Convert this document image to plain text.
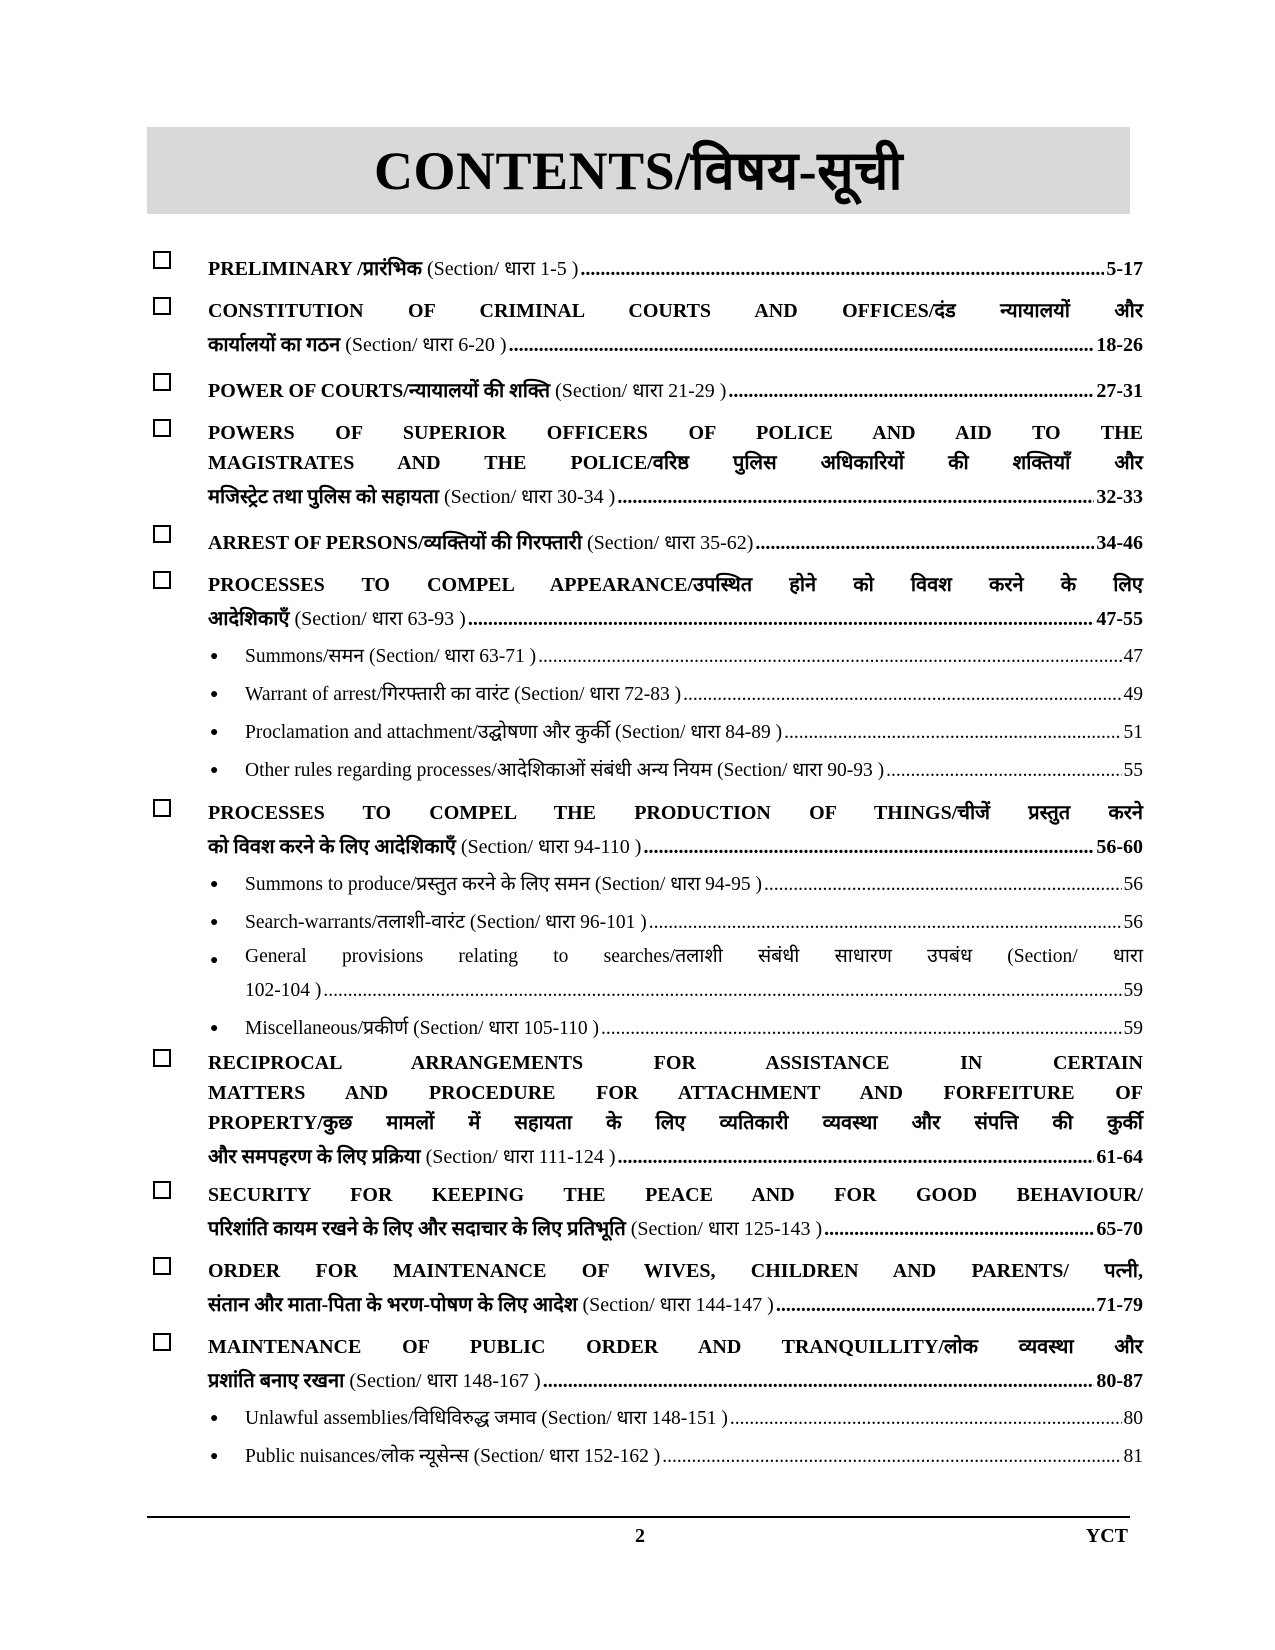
CONTENTS/विषय-सूची
PRELIMINARY /प्रारंभिक (Section/ धारा 1-5 ) .....	5-17
CONSTITUTION OF CRIMINAL COURTS AND OFFICES/दंड न्यायालयों और
कार्यालयों का गठन (Section/ धारा 6-20 ) .....	18-26
POWER OF COURTS/न्यायालयों की शक्ति (Section/ धारा 21-29 ) .....	27-31
POWERS OF SUPERIOR OFFICERS OF POLICE AND AID TO THE
MAGISTRATES AND THE POLICE/वरिष्ठ पुलिस अधिकारियों की शक्तियाँ और
मजिस्ट्रेट तथा पुलिस को सहायता (Section/ धारा 30-34 ) .....	32-33
ARREST OF PERSONS/व्यक्तियों की गिरफ्तारी (Section/ धारा 35-62) .....	34-46
PROCESSES TO COMPEL APPEARANCE/उपस्थित होने को विवश करने के लिए
आदेशिकाएँ (Section/ धारा 63-93 ) .....	47-55
● Summons/समन (Section/ धारा 63-71 ) .....	47
● Warrant of arrest/गिरफ्तारी का वारंट (Section/ धारा 72-83 ) .....	49
● Proclamation and attachment/उद्घोषणा और कुर्की (Section/ धारा 84-89 ) .....	51
● Other rules regarding processes/आदेशिकाओं संबंधी अन्य नियम (Section/ धारा 90-93 ) .....	55
PROCESSES TO COMPEL THE PRODUCTION OF THINGS/चीजें प्रस्तुत करने
को विवश करने के लिए आदेशिकाएँ (Section/ धारा 94-110 ) .....	56-60
● Summons to produce/प्रस्तुत करने के लिए समन (Section/ धारा 94-95 ) .....	56
● Search-warrants/तलाशी-वारंट (Section/ धारा 96-101 ) .....	56
● General provisions relating to searches/तलाशी संबंधी साधारण उपबंध (Section/ धारा
102-104 ) .....	59
● Miscellaneous/प्रकीर्ण (Section/ धारा 105-110 ) .....	59
RECIPROCAL ARRANGEMENTS FOR ASSISTANCE IN CERTAIN
MATTERS AND PROCEDURE FOR ATTACHMENT AND FORFEITURE OF
PROPERTY/कुछ मामलों में सहायता के लिए व्यतिकारी व्यवस्था और संपत्ति की कुर्की
और समपहरण के लिए प्रक्रिया (Section/ धारा 111-124 ) .....	61-64
SECURITY FOR KEEPING THE PEACE AND FOR GOOD BEHAVIOUR/
परिशांति कायम रखने के लिए और सदाचार के लिए प्रतिभूति (Section/ धारा 125-143 ) .....	65-70
ORDER FOR MAINTENANCE OF WIVES, CHILDREN AND PARENTS/ पत्नी,
संतान और माता-पिता के भरण-पोषण के लिए आदेश (Section/ धारा 144-147 ) .....	71-79
MAINTENANCE OF PUBLIC ORDER AND TRANQUILLITY/लोक व्यवस्था और
प्रशांति बनाए रखना (Section/ धारा 148-167 ) .....	80-87
● Unlawful assemblies/विधिविरुद्ध जमाव (Section/ धारा 148-151 ) .....	80
● Public nuisances/लोक न्यूसेन्स (Section/ धारा 152-162 ) .....	81
2	YCT
